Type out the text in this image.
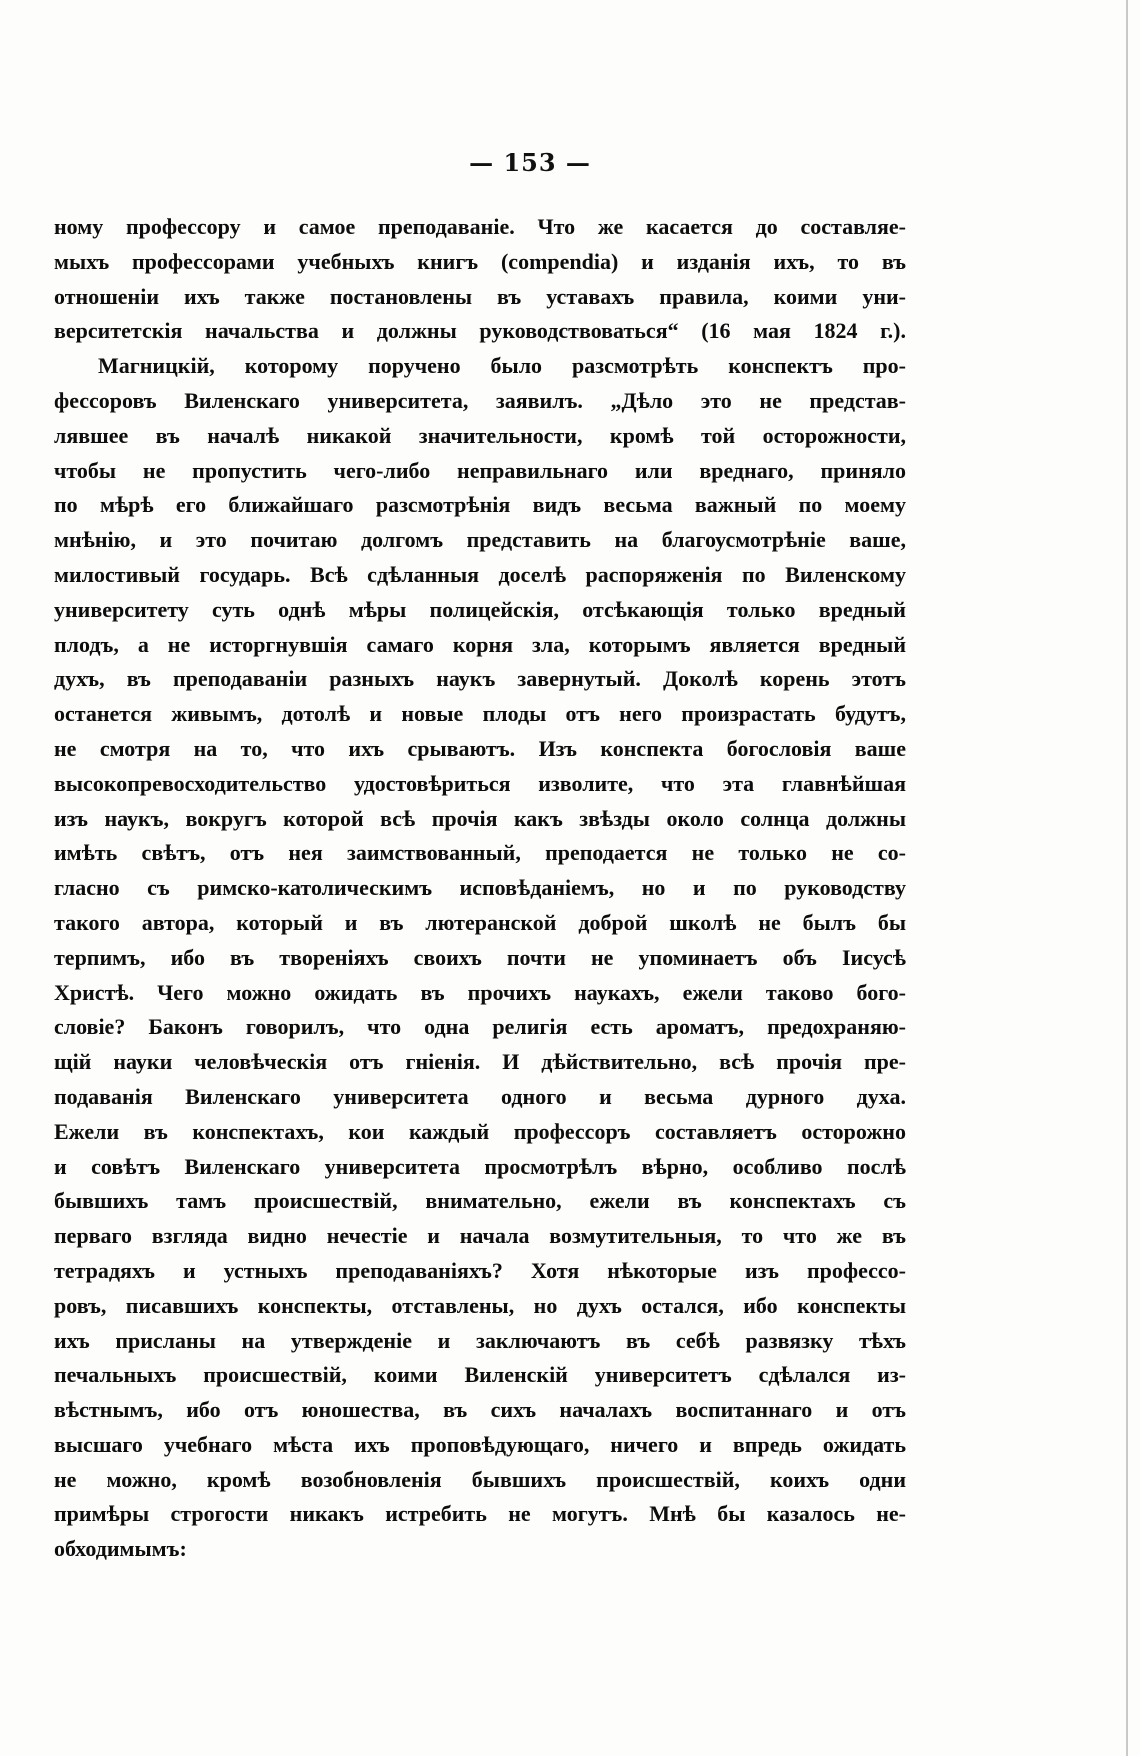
— 153 —
ному профессору и самое преподаваніе. Что же касается до составляе-
мыхъ профессорами учебныхъ книгъ (compendia) и изданія ихъ, то въ
отношеніи ихъ также постановлены въ уставахъ правила, коими уни-
верситетскія начальства и должны руководствоваться“ (16 мая 1824 г.).
Магницкій, которому поручено было разсмотрѣть конспектъ про-
фессоровъ Виленскаго университета, заявилъ. „Дѣло это не представ-
лявшее въ началѣ никакой значительности, кромѣ той осторожности,
чтобы не пропустить чего-либо неправильнаго или вреднаго, приняло
по мѣрѣ его ближайшаго разсмотрѣнія видъ весьма важный по моему
мнѣнію, и это почитаю долгомъ представить на благоусмотрѣніе ваше,
милостивый государь. Всѣ сдѣланныя доселѣ распоряженія по Виленскому
университету суть однѣ мѣры полицейскія, отсѣкающія только вредный
плодъ, а не исторгнувшія самаго корня зла, которымъ является вредный
духъ, въ преподаваніи разныхъ наукъ завернутый. Доколѣ корень этотъ
останется живымъ, дотолѣ и новые плоды отъ него произрастать будутъ,
не смотря на то, что ихъ срываютъ. Изъ конспекта богословія ваше
высокопревосходительство удостовѣриться изволите, что эта главнѣйшая
изъ наукъ, вокругъ которой всѣ прочія какъ звѣзды около солнца должны
имѣть свѣтъ, отъ нея заимствованный, преподается не только не со-
гласно съ римско-католическимъ исповѣданіемъ, но и по руководству
такого автора, который и въ лютеранской доброй школѣ не былъ бы
терпимъ, ибо въ твореніяхъ своихъ почти не упоминаетъ объ Іисусѣ
Христѣ. Чего можно ожидать въ прочихъ наукахъ, ежели таково бого-
словіе? Баконъ говорилъ, что одна религія есть ароматъ, предохраняю-
щій науки человѣческія отъ гніенія. И дѣйствительно, всѣ прочія пре-
подаванія Виленскаго университета одного и весьма дурного духа.
Ежели въ конспектахъ, кои каждый профессоръ составляетъ осторожно
и совѣтъ Виленскаго университета просмотрѣлъ вѣрно, особливо послѣ
бывшихъ тамъ происшествій, внимательно, ежели въ конспектахъ съ
перваго взгляда видно нечестіе и начала возмутительныя, то что же въ
тетрадяхъ и устныхъ преподаваніяхъ? Хотя нѣкоторые изъ профессо-
ровъ, писавшихъ конспекты, отставлены, но духъ остался, ибо конспекты
ихъ присланы на утвержденіе и заключаютъ въ себѣ развязку тѣхъ
печальныхъ происшествій, коими Виленскій университетъ сдѣлался из-
вѣстнымъ, ибо отъ юношества, въ сихъ началахъ воспитаннаго и отъ
высшаго учебнаго мѣста ихъ проповѣдующаго, ничего и впредь ожидать
не можно, кромѣ возобновленія бывшихъ происшествій, коихъ одни
примѣры строгости никакъ истребить не могутъ. Мнѣ бы казалось не-
обходимымъ:
